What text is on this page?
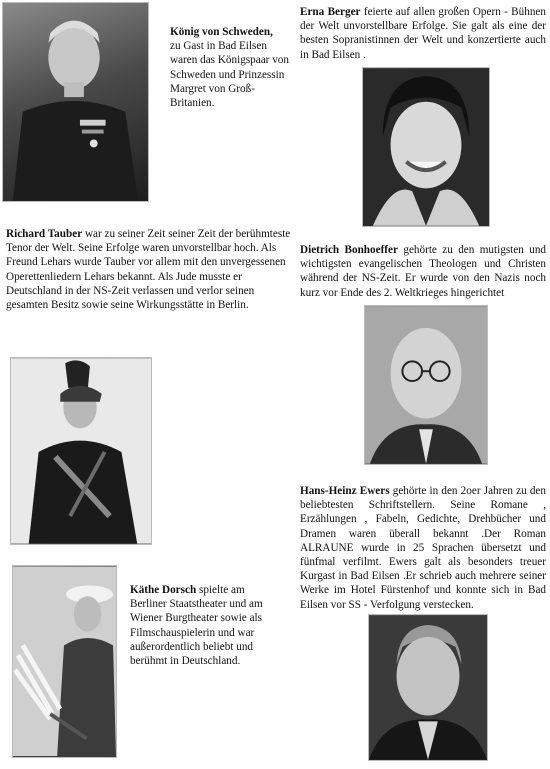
König von Schweden,
zu Gast in Bad Eilsen waren das Königspaar von Schweden und Prinzessin Margret von Groß-Britanien.
Richard Tauber war zu seiner Zeit seiner Zeit der berühmteste Tenor der Welt. Seine Erfolge waren unvorstellbar hoch. Als Freund Lehars wurde Tauber vor allem mit den unvergessenen Operettenliedern Lehars bekannt. Als Jude musste er Deutschland in der NS-Zeit verlassen und verlor seinen gesamten Besitz sowie seine Wirkungsstätte in Berlin.
Käthe Dorsch spielte am Berliner Staatstheater und am Wiener Burgtheater sowie als Filmschauspielerin und war außerordentlich beliebt und berühmt in Deutschland.
Erna Berger feierte auf allen großen Opern - Bühnen der Welt unvorstellbare Erfolge. Sie galt als eine der besten Sopranistinnen der Welt und konzertierte auch in Bad Eilsen .
Dietrich Bonhoeffer gehörte zu den mutigsten und wichtigsten evangelischen Theologen und Christen während der NS-Zeit. Er wurde von den Nazis noch kurz vor Ende des 2. Weltkrieges hingerichtet
Hans-Heinz Ewers gehörte in den 2oer Jahren zu den beliebtesten Schriftstellern. Seine Romane , Erzählungen , Fabeln, Gedichte, Drehbücher und Dramen waren überall bekannt .Der Roman ALRAUNE wurde in 25 Sprachen übersetzt und fünfmal verfilmt. Ewers galt als besonders treuer Kurgast in Bad Eilsen .Er schrieb auch mehrere seiner Werke im Hotel Fürstenhof und konnte sich in Bad Eilsen vor SS - Verfolgung verstecken.
